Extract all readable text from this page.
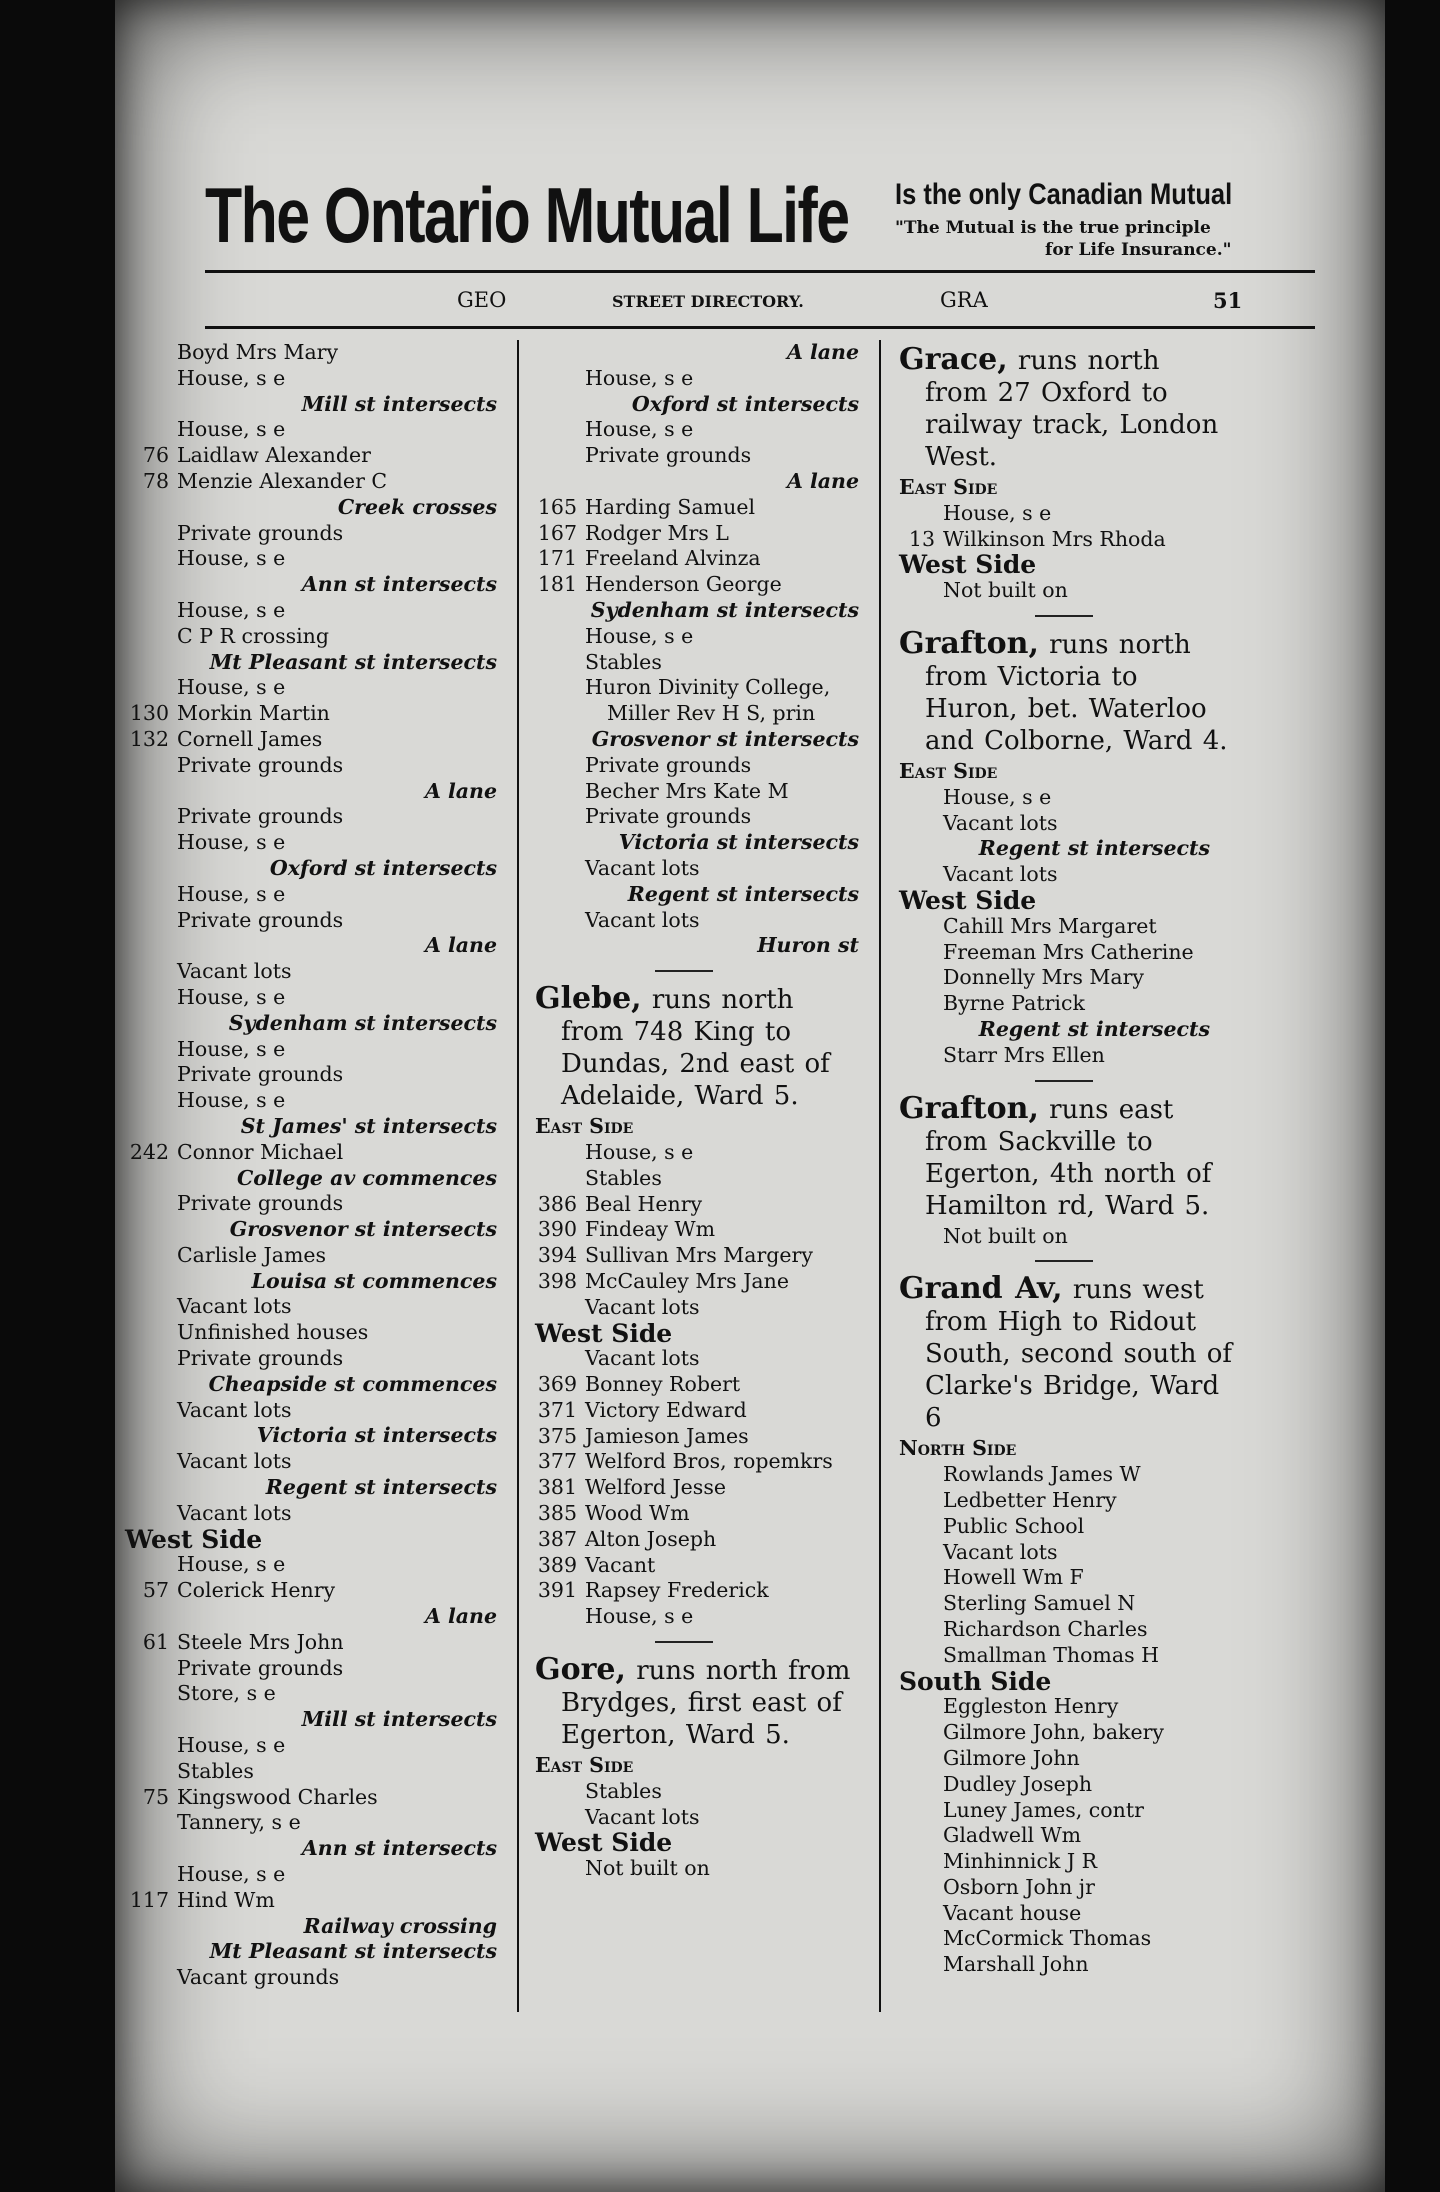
The Ontario Mutual Life Is the only Canadian Mutual
"The Mutual is the true principle
for Life Insurance."
GEO	STREET DIRECTORY.	GRA	51
Boyd Mrs Mary
House, s e
Mill st intersects
House, s e
76 Laidlaw Alexander
78 Menzie Alexander C
Creek crosses
Private grounds
House, s e
Ann st intersects
House, s e
C P R crossing
Mt Pleasant st intersects
House, s e
130 Morkin Martin
132 Cornell James
Private grounds
A lane
Private grounds
House, s e
Oxford st intersects
House, s e
Private grounds
A lane
Vacant lots
House, s e
Sydenham st intersects
House, s e
Private grounds
House, s e
St James' st intersects
242 Connor Michael
College av commences
Private grounds
Grosvenor st intersects
Carlisle James
Louisa st commences
Vacant lots
Unfinished houses
Private grounds
Cheapside st commences
Vacant lots
Victoria st intersects
Vacant lots
Regent st intersects
Vacant lots
West Side
House, s e
57 Colerick Henry
A lane
61 Steele Mrs John
Private grounds
Store, s e
Mill st intersects
House, s e
Stables
75 Kingswood Charles
Tannery, s e
Ann st intersects
House, s e
117 Hind Wm
Railway crossing
Mt Pleasant st intersects
Vacant grounds
A lane
House, s e
Oxford st intersects
House, s e
Private grounds
A lane
165 Harding Samuel
167 Rodger Mrs L
171 Freeland Alvinza
181 Henderson George
Sydenham st intersects
House, s e
Stables
Huron Divinity College,
Miller Rev H S, prin
Grosvenor st intersects
Private grounds
Becher Mrs Kate M
Private grounds
Victoria st intersects
Vacant lots
Regent st intersects
Vacant lots
Huron st
Glebe, runs north from 748 King to Dundas, 2nd east of Adelaide, Ward 5.
East Side
House, s e
Stables
386 Beal Henry
390 Findeay Wm
394 Sullivan Mrs Margery
398 McCauley Mrs Jane
Vacant lots
West Side
Vacant lots
369 Bonney Robert
371 Victory Edward
375 Jamieson James
377 Welford Bros, ropemkrs
381 Welford Jesse
385 Wood Wm
387 Alton Joseph
389 Vacant
391 Rapsey Frederick
House, s e
Gore, runs north from Brydges, first east of Egerton, Ward 5.
East Side
Stables
Vacant lots
West Side
Not built on
Grace, runs north from 27 Oxford to railway track, London West.
East Side
House, s e
13 Wilkinson Mrs Rhoda
West Side
Not built on
Grafton, runs north from Victoria to Huron, bet. Waterloo and Colborne, Ward 4.
East Side
House, s e
Vacant lots
Regent st intersects
Vacant lots
West Side
Cahill Mrs Margaret
Freeman Mrs Catherine
Donnelly Mrs Mary
Byrne Patrick
Regent st intersects
Starr Mrs Ellen
Grafton, runs east from Sackville to Egerton, 4th north of Hamilton rd, Ward 5.
Not built on
Grand Av, runs west from High to Ridout South, second south of Clarke's Bridge, Ward 6
North Side
Rowlands James W
Ledbetter Henry
Public School
Vacant lots
Howell Wm F
Sterling Samuel N
Richardson Charles
Smallman Thomas H
South Side
Eggleston Henry
Gilmore John, bakery
Gilmore John
Dudley Joseph
Luney James, contr
Gladwell Wm
Minhinnick J R
Osborn John jr
Vacant house
McCormick Thomas
Marshall John
